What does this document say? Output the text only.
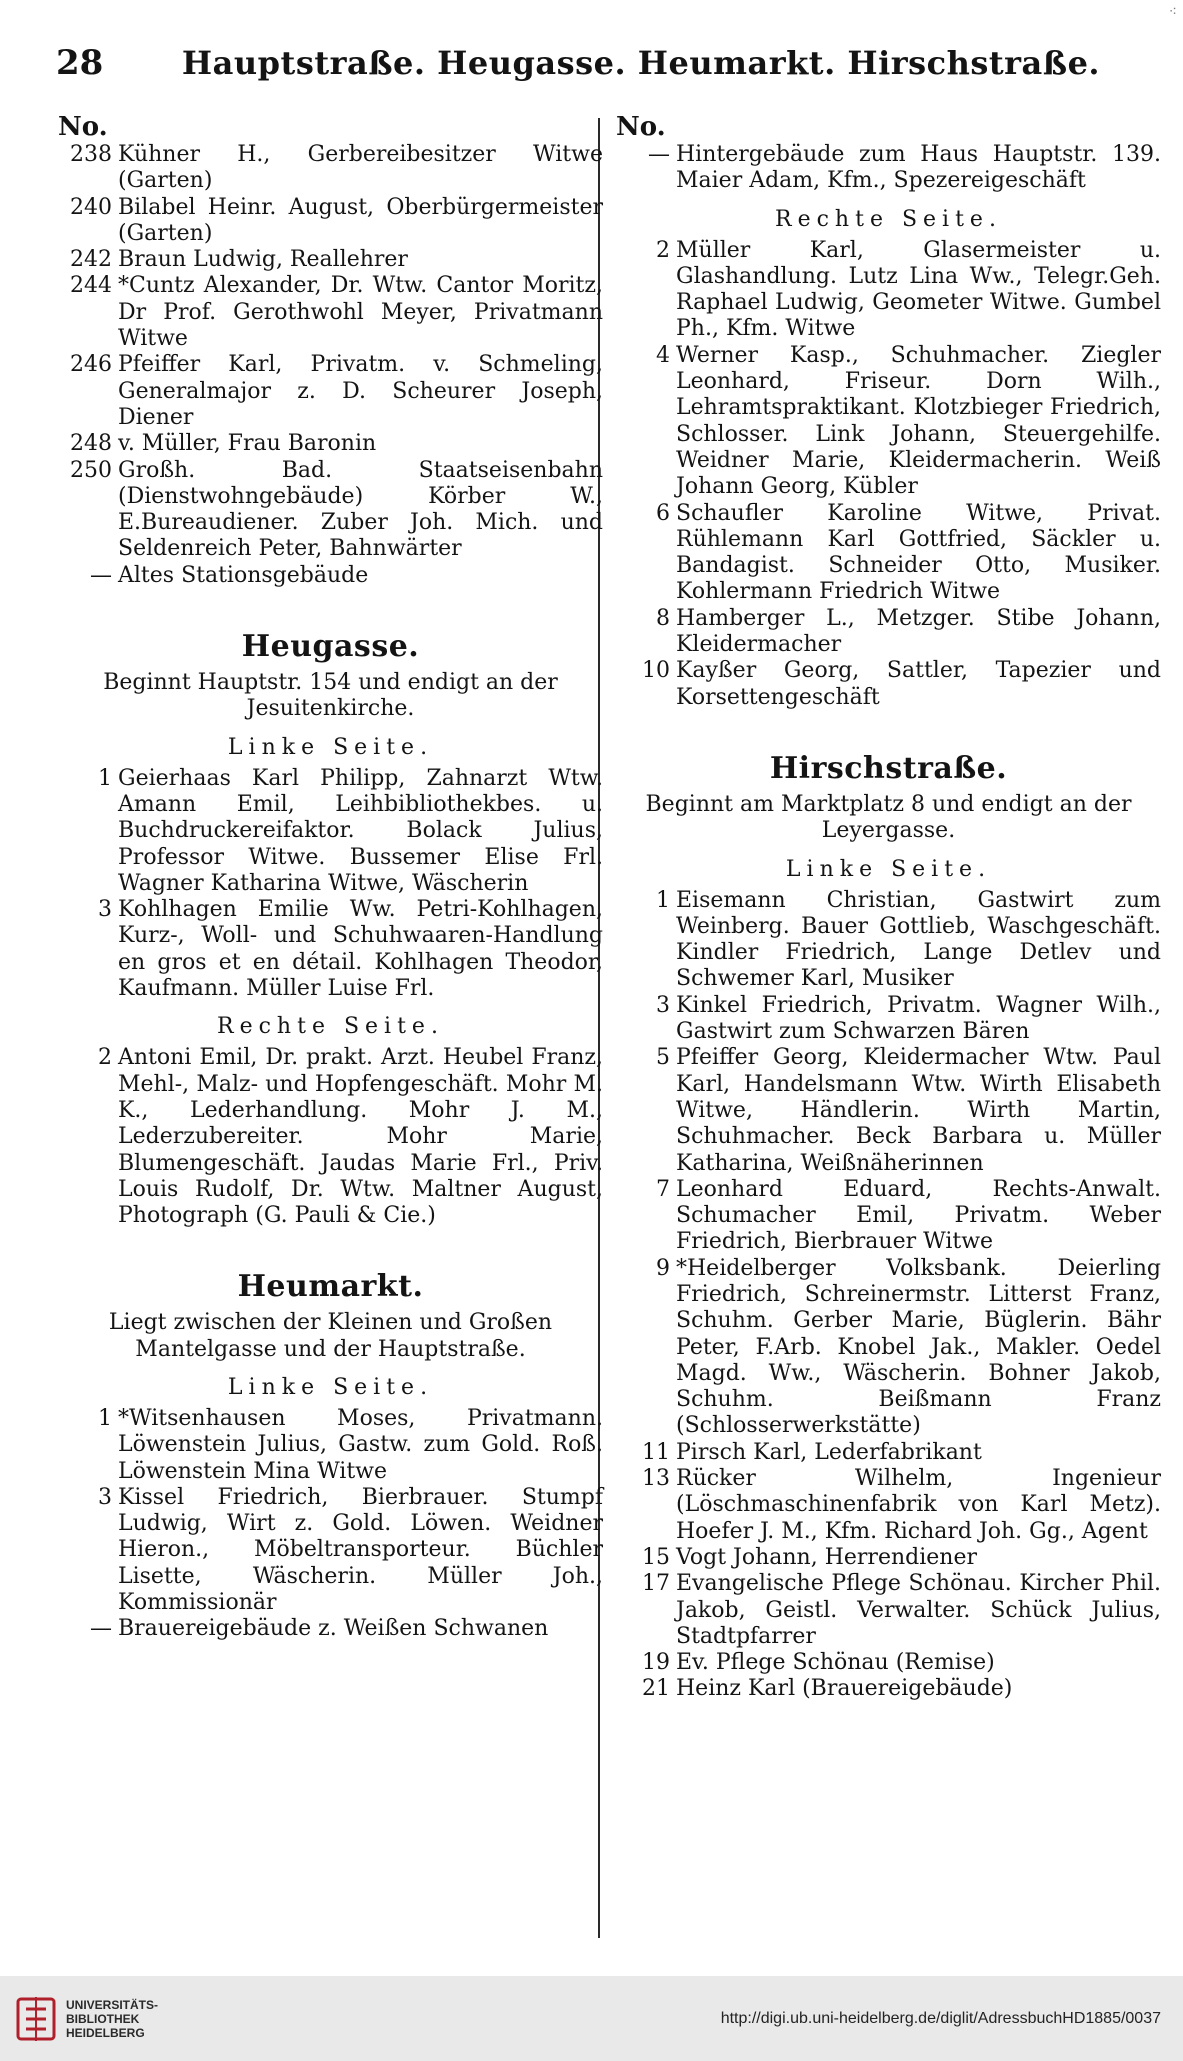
28	Hauptstraße. Heugasse. Heumarkt. Hirschstraße.
⁖
No.
238 Kühner H., Gerbereibesitzer Witwe (Garten)
240 Bilabel Heinr. August, Oberbürgermeister (Garten)
242 Braun Ludwig, Reallehrer
244 *Cuntz Alexander, Dr. Wtw. Cantor Moritz, Dr Prof. Gerothwohl Meyer, Privatmann Witwe
246 Pfeiffer Karl, Privatm. v. Schmeling, Generalmajor z. D. Scheurer Joseph, Diener
248 v. Müller, Frau Baronin
250 Großh. Bad. Staatseisenbahn (Dienstwohngebäude) Körber W., E.Bureaudiener. Zuber Joh. Mich. und Seldenreich Peter, Bahnwärter
— Altes Stationsgebäude
Heugasse.
Beginnt Hauptstr. 154 und endigt an der Jesuitenkirche.
Linke Seite.
1 Geierhaas Karl Philipp, Zahnarzt Wtw. Amann Emil, Leihbibliothekbes. u. Buchdruckereifaktor. Bolack Julius, Professor Witwe. Bussemer Elise Frl. Wagner Katharina Witwe, Wäscherin
3 Kohlhagen Emilie Ww. Petri-Kohlhagen, Kurz-, Woll- und Schuhwaaren-Handlung en gros et en détail. Kohlhagen Theodor, Kaufmann. Müller Luise Frl.
Rechte Seite.
2 Antoni Emil, Dr. prakt. Arzt. Heubel Franz, Mehl-, Malz- und Hopfengeschäft. Mohr M. K., Lederhandlung. Mohr J. M., Lederzubereiter. Mohr Marie, Blumengeschäft. Jaudas Marie Frl., Priv. Louis Rudolf, Dr. Wtw. Maltner August, Photograph (G. Pauli & Cie.)
Heumarkt.
Liegt zwischen der Kleinen und Großen Mantelgasse und der Hauptstraße.
Linke Seite.
1 *Witsenhausen Moses, Privatmann. Löwenstein Julius, Gastw. zum Gold. Roß. Löwenstein Mina Witwe
3 Kissel Friedrich, Bierbrauer. Stumpf Ludwig, Wirt z. Gold. Löwen. Weidner Hieron., Möbeltransporteur. Büchler Lisette, Wäscherin. Müller Joh., Kommissionär
— Brauereigebäude z. Weißen Schwanen
No.
— Hintergebäude zum Haus Hauptstr. 139. Maier Adam, Kfm., Spezereigeschäft
Rechte Seite.
2 Müller Karl, Glasermeister u. Glashandlung. Lutz Lina Ww., Telegr.Geh. Raphael Ludwig, Geometer Witwe. Gumbel Ph., Kfm. Witwe
4 Werner Kasp., Schuhmacher. Ziegler Leonhard, Friseur. Dorn Wilh., Lehramtspraktikant. Klotzbieger Friedrich, Schlosser. Link Johann, Steuergehilfe. Weidner Marie, Kleidermacherin. Weiß Johann Georg, Kübler
6 Schaufler Karoline Witwe, Privat. Rühlemann Karl Gottfried, Säckler u. Bandagist. Schneider Otto, Musiker. Kohlermann Friedrich Witwe
8 Hamberger L., Metzger. Stibe Johann, Kleidermacher
10 Kayßer Georg, Sattler, Tapezier und Korsettengeschäft
Hirschstraße.
Beginnt am Marktplatz 8 und endigt an der Leyergasse.
Linke Seite.
1 Eisemann Christian, Gastwirt zum Weinberg. Bauer Gottlieb, Waschgeschäft. Kindler Friedrich, Lange Detlev und Schwemer Karl, Musiker
3 Kinkel Friedrich, Privatm. Wagner Wilh., Gastwirt zum Schwarzen Bären
5 Pfeiffer Georg, Kleidermacher Wtw. Paul Karl, Handelsmann Wtw. Wirth Elisabeth Witwe, Händlerin. Wirth Martin, Schuhmacher. Beck Barbara u. Müller Katharina, Weißnäherinnen
7 Leonhard Eduard, Rechts-Anwalt. Schumacher Emil, Privatm. Weber Friedrich, Bierbrauer Witwe
9 *Heidelberger Volksbank. Deierling Friedrich, Schreinermstr. Litterst Franz, Schuhm. Gerber Marie, Büglerin. Bähr Peter, F.Arb. Knobel Jak., Makler. Oedel Magd. Ww., Wäscherin. Bohner Jakob, Schuhm. Beißmann Franz (Schlosserwerkstätte)
11 Pirsch Karl, Lederfabrikant
13 Rücker Wilhelm, Ingenieur (Löschmaschinenfabrik von Karl Metz). Hoefer J. M., Kfm. Richard Joh. Gg., Agent
15 Vogt Johann, Herrendiener
17 Evangelische Pflege Schönau. Kircher Phil. Jakob, Geistl. Verwalter. Schück Julius, Stadtpfarrer
19 Ev. Pflege Schönau (Remise)
21 Heinz Karl (Brauereigebäude)
UNIVERSITÄTS-
BIBLIOTHEK
HEIDELBERG
http://digi.ub.uni-heidelberg.de/diglit/AdressbuchHD1885/0037
